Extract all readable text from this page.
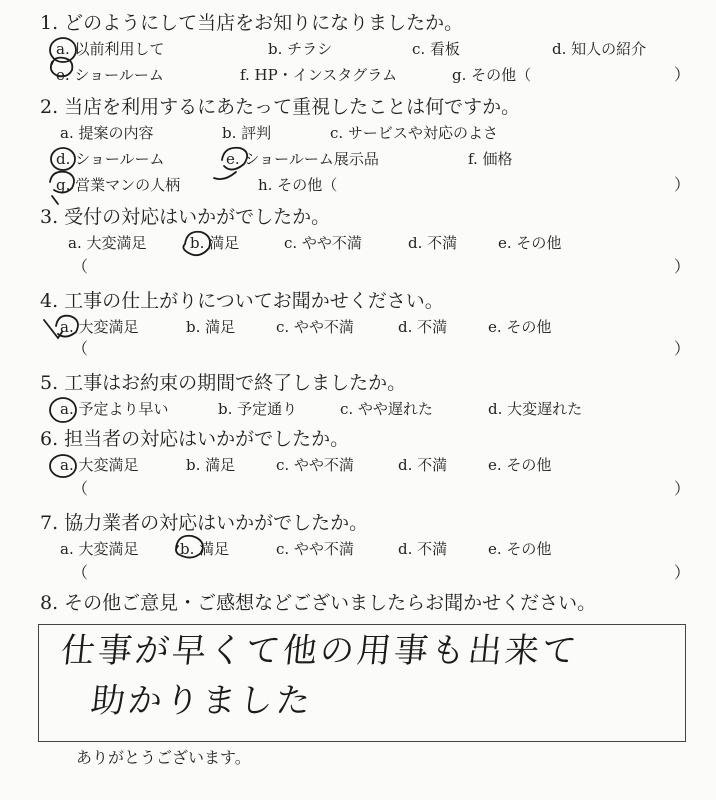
1. どのようにして当店をお知りになりましたか。
a. 以前利用して	b. チラシ	c. 看板	d. 知人の紹介
e. ショールーム	f. HP・インスタグラム	g. その他（	）
2. 当店を利用するにあたって重視したことは何ですか。
a. 提案の内容	b. 評判	c. サービスや対応のよさ
d. ショールーム	e. ショールーム展示品	f. 価格
g. 営業マンの人柄	h. その他（	）
3. 受付の対応はいかがでしたか。
a. 大変満足	b. 満足	c. やや不満	d. 不満	e. その他
（	）
4. 工事の仕上がりについてお聞かせください。
a. 大変満足	b. 満足	c. やや不満	d. 不満	e. その他
（	）
5. 工事はお約束の期間で終了しましたか。
a. 予定より早い	b. 予定通り	c. やや遅れた	d. 大変遅れた
6. 担当者の対応はいかがでしたか。
a. 大変満足	b. 満足	c. やや不満	d. 不満	e. その他
（	）
7. 協力業者の対応はいかがでしたか。
a. 大変満足	b. 満足	c. やや不満	d. 不満	e. その他
（	）
8. その他ご意見・ご感想などございましたらお聞かせください。
仕事が早くて他の用事も出来て
助かりました
ありがとうございます。
